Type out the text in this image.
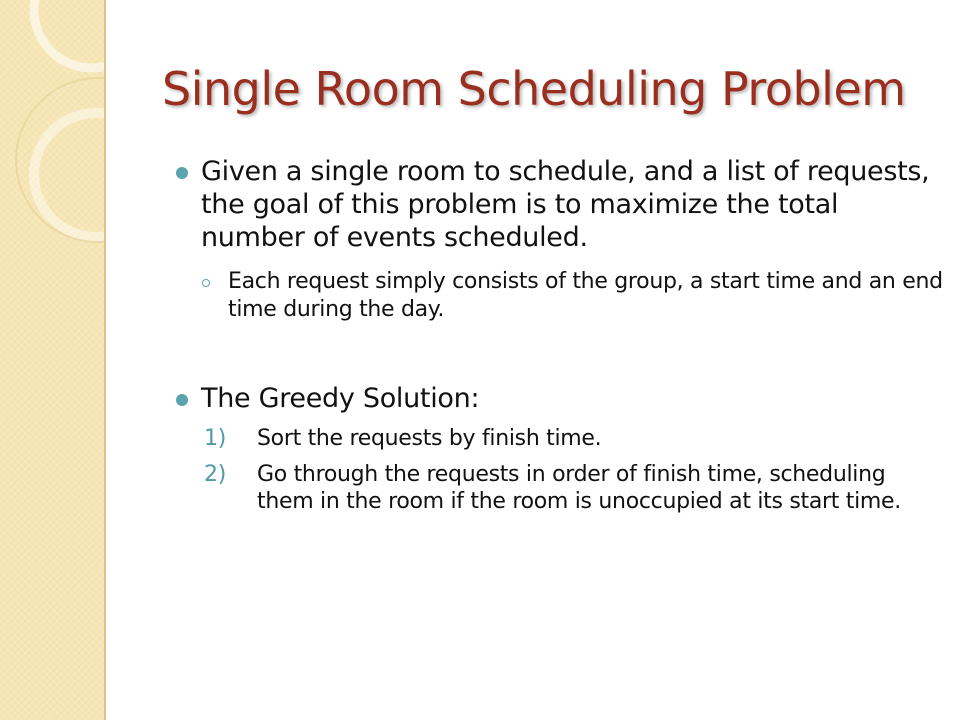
Single Room Scheduling Problem
Given a single room to schedule, and a list of requests, the goal of this problem is to maximize the total number of events scheduled.
Each request simply consists of the group, a start time and an end time during the day.
The Greedy Solution:
1) Sort the requests by finish time.
2) Go through the requests in order of finish time, scheduling them in the room if the room is unoccupied at its start time.
